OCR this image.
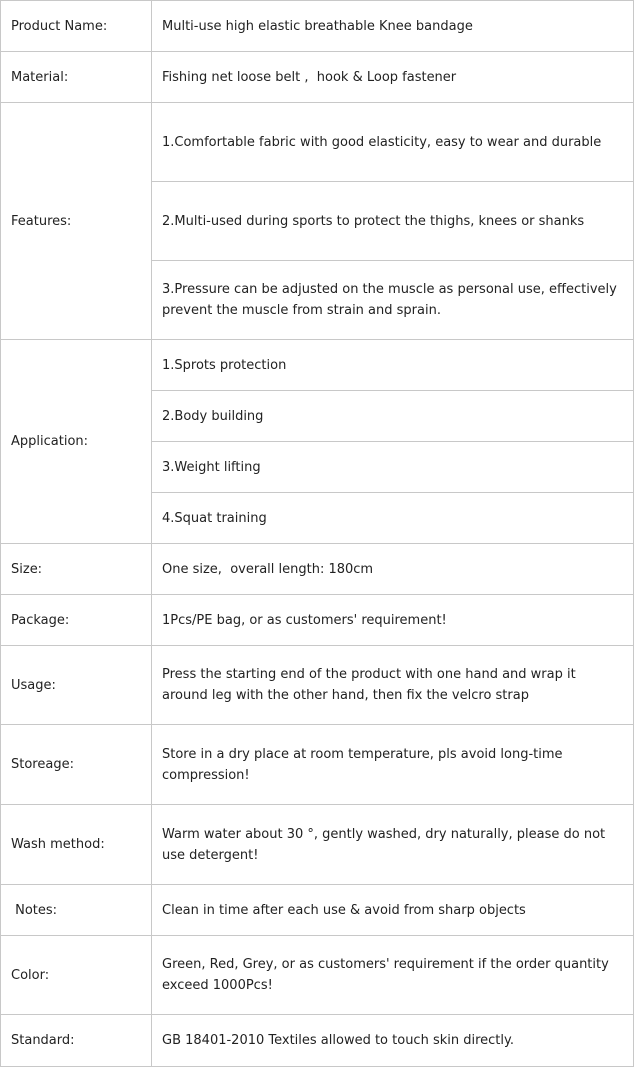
Product Name:	Multi-use high elastic breathable Knee bandage
Material:	Fishing net loose belt ,  hook & Loop fastener
Features:	1.Comfortable fabric with good elasticity, easy to wear and durable
	2.Multi-used during sports to protect the thighs, knees or shanks
	3.Pressure can be adjusted on the muscle as personal use, effectively prevent the muscle from strain and sprain.
Application:	1.Sprots protection
	2.Body building
	3.Weight lifting
	4.Squat training
Size:	One size,  overall length: 180cm
Package:	1Pcs/PE bag, or as customers' requirement!
Usage:	Press the starting end of the product with one hand and wrap it around leg with the other hand, then fix the velcro strap
Storeage:	Store in a dry place at room temperature, pls avoid long-time compression!
Wash method:	Warm water about 30 °, gently washed, dry naturally, please do not use detergent!
Notes:	Clean in time after each use & avoid from sharp objects
Color:	Green, Red, Grey, or as customers' requirement if the order quantity exceed 1000Pcs!
Standard:	GB 18401-2010 Textiles allowed to touch skin directly.
